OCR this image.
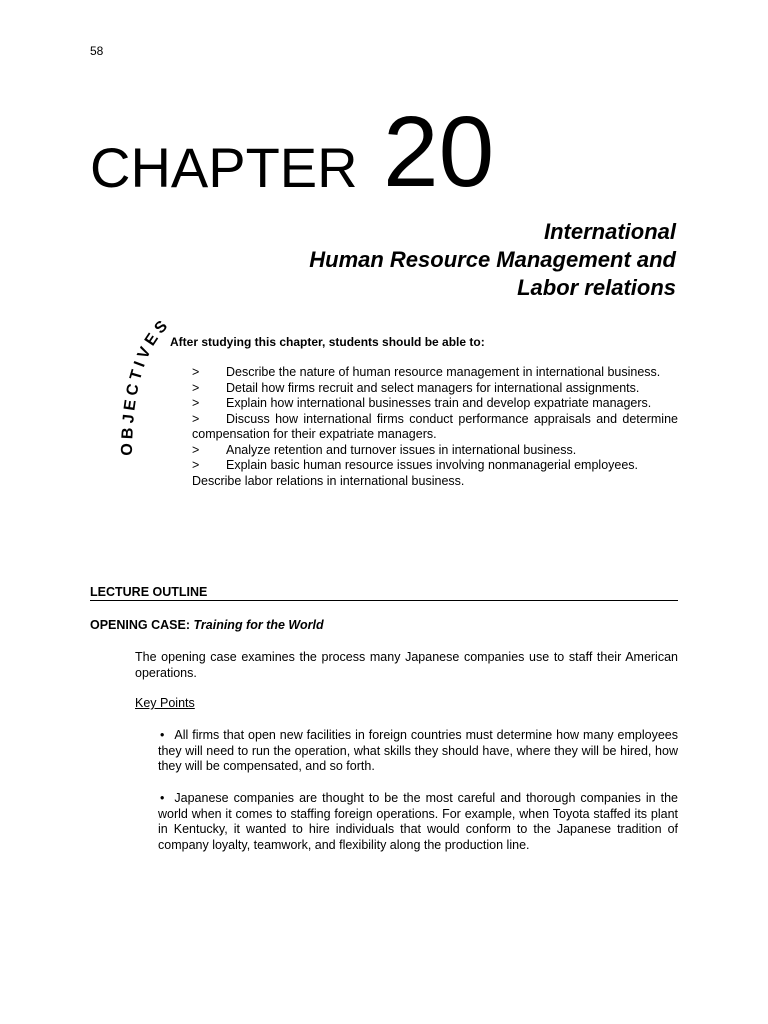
58
CHAPTER 20
International
Human Resource Management and
Labor relations
OBJECTIVES
After studying this chapter, students should be able to:
> Describe the nature of human resource management in international business.
> Detail how firms recruit and select managers for international assignments.
> Explain how international businesses train and develop expatriate managers.
> Discuss how international firms conduct performance appraisals and determine compensation for their expatriate managers.
> Analyze retention and turnover issues in international business.
> Explain basic human resource issues involving nonmanagerial employees.
Describe labor relations in international business.
LECTURE OUTLINE
OPENING CASE: Training for the World
The opening case examines the process many Japanese companies use to staff their American operations.
Key Points
• All firms that open new facilities in foreign countries must determine how many employees they will need to run the operation, what skills they should have, where they will be hired, how they will be compensated, and so forth.
• Japanese companies are thought to be the most careful and thorough companies in the world when it comes to staffing foreign operations. For example, when Toyota staffed its plant in Kentucky, it wanted to hire individuals that would conform to the Japanese tradition of company loyalty, teamwork, and flexibility along the production line.
